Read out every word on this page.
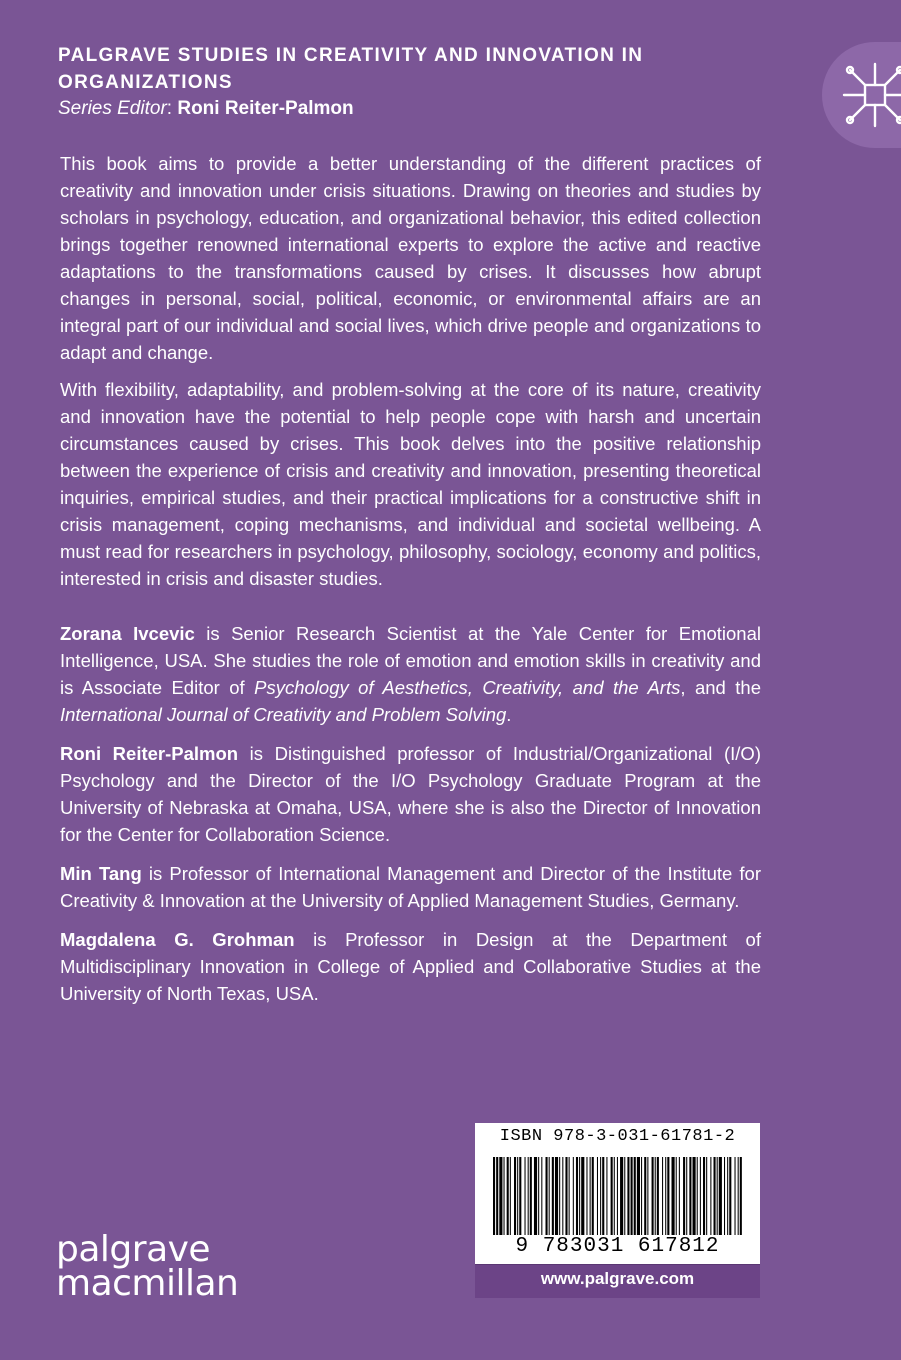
PALGRAVE STUDIES IN CREATIVITY AND INNOVATION IN ORGANIZATIONS
Series Editor: Roni Reiter-Palmon

This book aims to provide a better understanding of the different practices of creativity and innovation under crisis situations. Drawing on theories and studies by scholars in psychology, education, and organizational behavior, this edited collection brings together renowned international experts to explore the active and reactive adaptations to the transformations caused by crises. It discusses how abrupt changes in personal, social, political, economic, or environmental affairs are an integral part of our individual and social lives, which drive people and organizations to adapt and change.

With flexibility, adaptability, and problem-solving at the core of its nature, creativity and innovation have the potential to help people cope with harsh and uncertain circumstances caused by crises. This book delves into the positive relationship between the experience of crisis and creativity and innovation, presenting theoretical inquiries, empirical studies, and their practical implications for a constructive shift in crisis management, coping mechanisms, and individual and societal wellbeing. A must read for researchers in psychology, philosophy, sociology, economy and politics, interested in crisis and disaster studies.

Zorana Ivcevic is Senior Research Scientist at the Yale Center for Emotional Intelligence, USA. She studies the role of emotion and emotion skills in creativity and is Associate Editor of Psychology of Aesthetics, Creativity, and the Arts, and the International Journal of Creativity and Problem Solving.

Roni Reiter-Palmon is Distinguished professor of Industrial/Organizational (I/O) Psychology and the Director of the I/O Psychology Graduate Program at the University of Nebraska at Omaha, USA, where she is also the Director of Innovation for the Center for Collaboration Science.

Min Tang is Professor of International Management and Director of the Institute for Creativity & Innovation at the University of Applied Management Studies, Germany.

Magdalena G. Grohman is Professor in Design at the Department of Multidisciplinary Innovation in College of Applied and Collaborative Studies at the University of North Texas, USA.

palgrave
macmillan
ISBN 978-3-031-61781-2
9 783031 617812
www.palgrave.com
